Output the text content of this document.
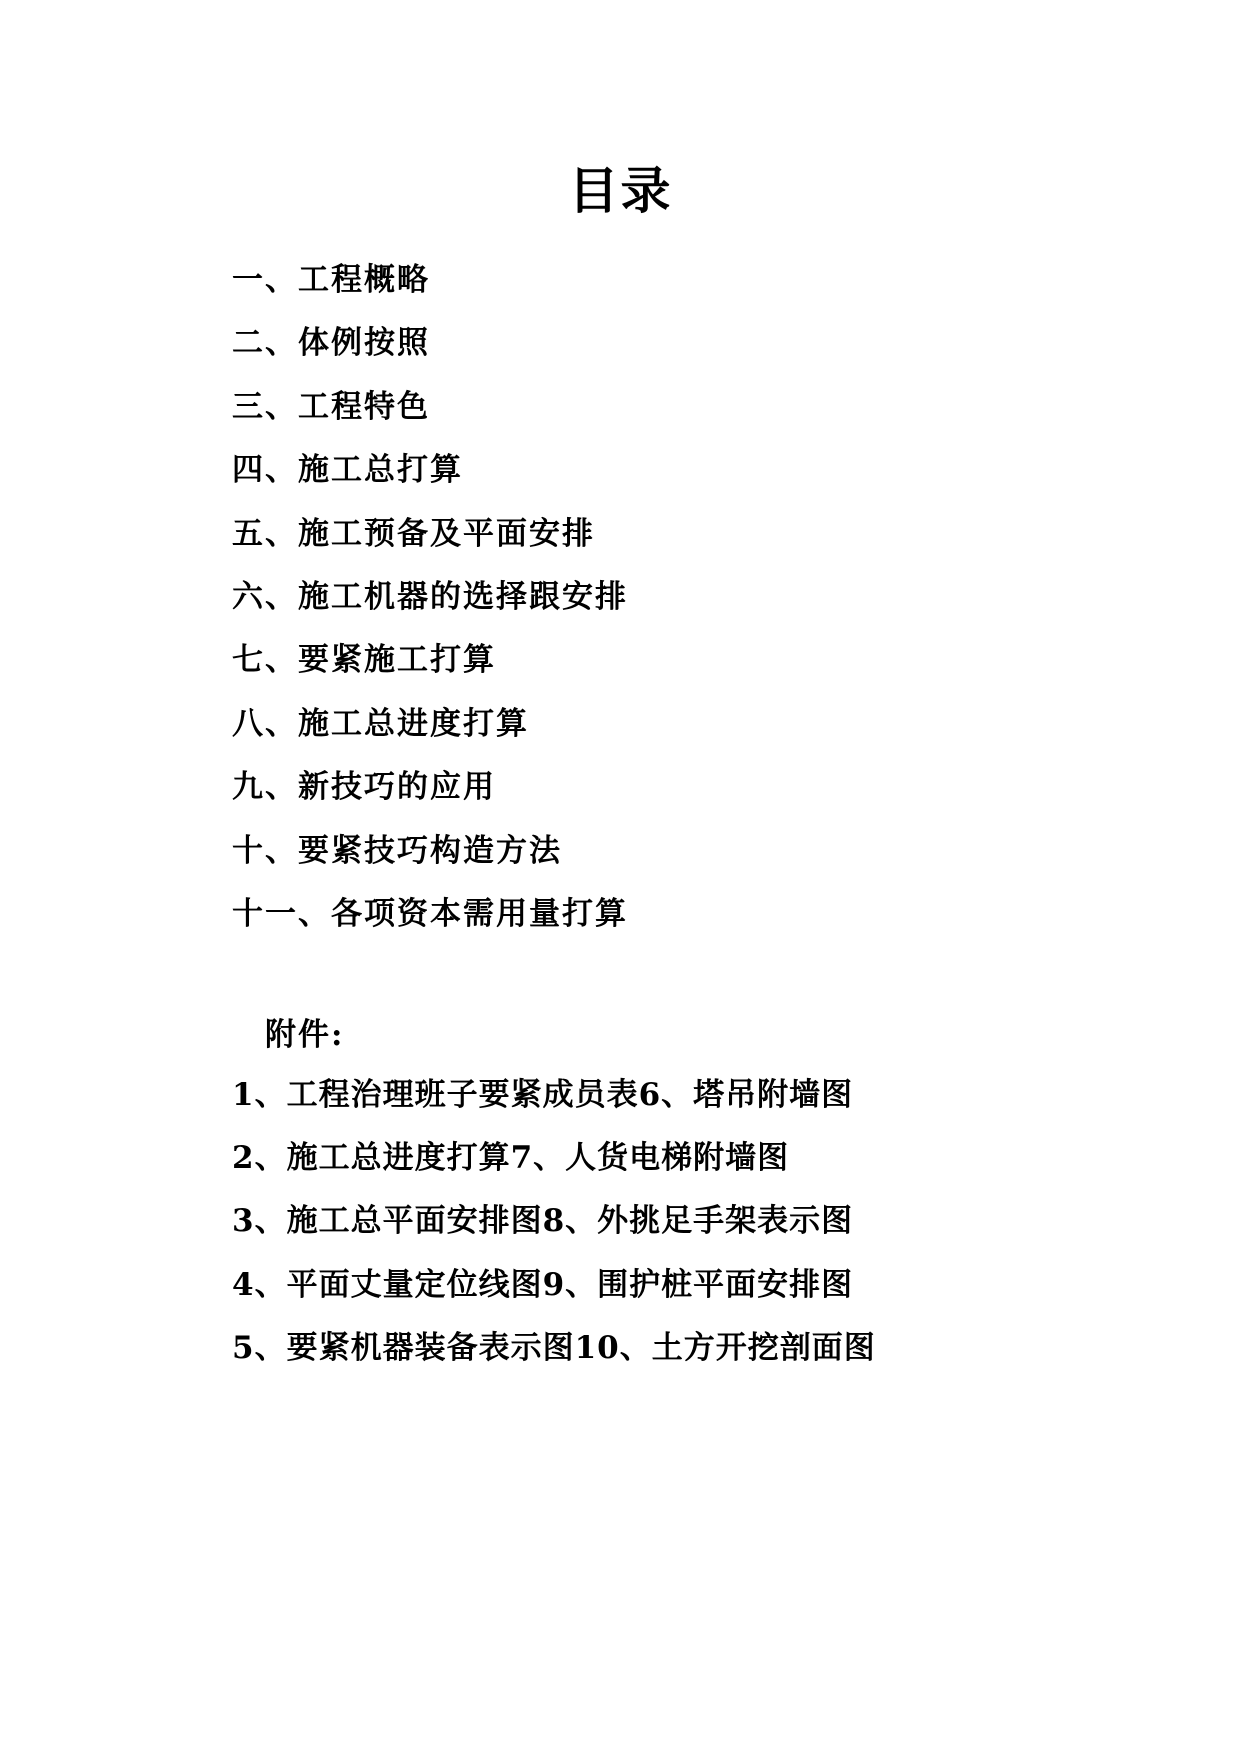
目录
一、工程概略
二、体例按照
三、工程特色
四、施工总打算
五、施工预备及平面安排
六、施工机器的选择跟安排
七、要紧施工打算
八、施工总进度打算
九、新技巧的应用
十、要紧技巧构造方法
十一、各项资本需用量打算
附件:
1、工程治理班子要紧成员表6、塔吊附墙图
2、施工总进度打算7、人货电梯附墙图
3、施工总平面安排图8、外挑足手架表示图
4、平面丈量定位线图9、围护桩平面安排图
5、要紧机器装备表示图10、土方开挖剖面图
